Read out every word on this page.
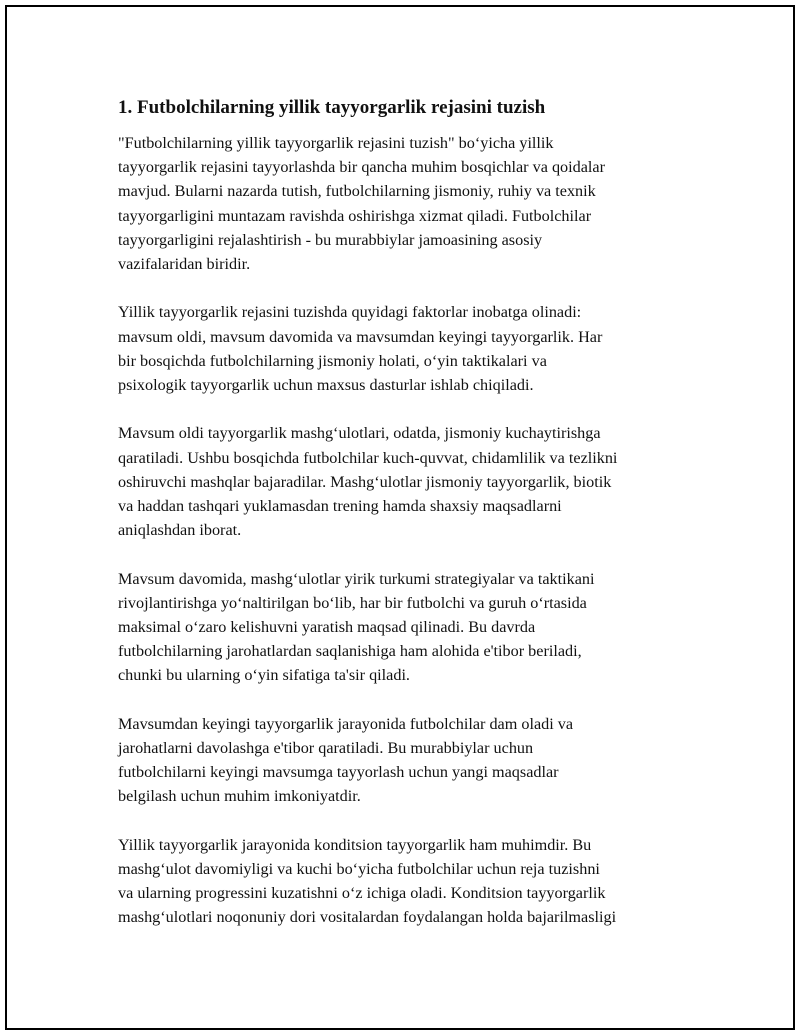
1. Futbolchilarning yillik tayyorgarlik rejasini tuzish

"Futbolchilarning yillik tayyorgarlik rejasini tuzish" bo‘yicha yillik
tayyorgarlik rejasini tayyorlashda bir qancha muhim bosqichlar va qoidalar
mavjud. Bularni nazarda tutish, futbolchilarning jismoniy, ruhiy va texnik
tayyorgarligini muntazam ravishda oshirishga xizmat qiladi. Futbolchilar
tayyorgarligini rejalashtirish - bu murabbiylar jamoasining asosiy
vazifalaridan biridir.

Yillik tayyorgarlik rejasini tuzishda quyidagi faktorlar inobatga olinadi:
mavsum oldi, mavsum davomida va mavsumdan keyingi tayyorgarlik. Har
bir bosqichda futbolchilarning jismoniy holati, o‘yin taktikalari va
psixologik tayyorgarlik uchun maxsus dasturlar ishlab chiqiladi.

Mavsum oldi tayyorgarlik mashg‘ulotlari, odatda, jismoniy kuchaytirishga
qaratiladi. Ushbu bosqichda futbolchilar kuch-quvvat, chidamlilik va tezlikni
oshiruvchi mashqlar bajaradilar. Mashg‘ulotlar jismoniy tayyorgarlik, biotik
va haddan tashqari yuklamasdan trening hamda shaxsiy maqsadlarni
aniqlashdan iborat.

Mavsum davomida, mashg‘ulotlar yirik turkumi strategiyalar va taktikani
rivojlantirishga yo‘naltirilgan bo‘lib, har bir futbolchi va guruh o‘rtasida
maksimal o‘zaro kelishuvni yaratish maqsad qilinadi. Bu davrda
futbolchilarning jarohatlardan saqlanishiga ham alohida e'tibor beriladi,
chunki bu ularning o‘yin sifatiga ta'sir qiladi.

Mavsumdan keyingi tayyorgarlik jarayonida futbolchilar dam oladi va
jarohatlarni davolashga e'tibor qaratiladi. Bu murabbiylar uchun
futbolchilarni keyingi mavsumga tayyorlash uchun yangi maqsadlar
belgilash uchun muhim imkoniyatdir.

Yillik tayyorgarlik jarayonida konditsion tayyorgarlik ham muhimdir. Bu
mashg‘ulot davomiyligi va kuchi bo‘yicha futbolchilar uchun reja tuzishni
va ularning progressini kuzatishni o‘z ichiga oladi. Konditsion tayyorgarlik
mashg‘ulotlari noqonuniy dori vositalardan foydalangan holda bajarilmasligi
